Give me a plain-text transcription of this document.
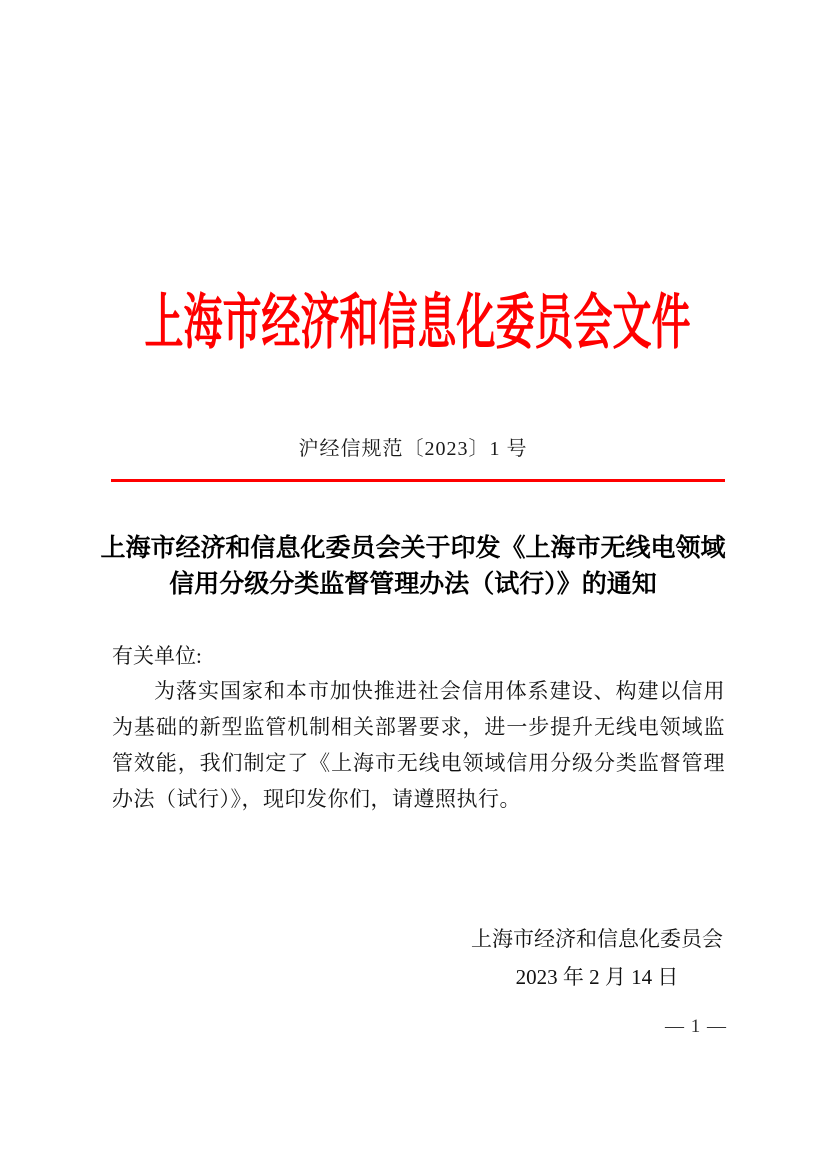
上海市经济和信息化委员会文件
沪经信规范〔2023〕1 号
上海市经济和信息化委员会关于印发《上海市无线电领域
信用分级分类监督管理办法（试行）》的通知
有关单位:
为落实国家和本市加快推进社会信用体系建设、构建以信用为基础的新型监管机制相关部署要求，进一步提升无线电领域监管效能，我们制定了《上海市无线电领域信用分级分类监督管理办法（试行）》，现印发你们，请遵照执行。
上海市经济和信息化委员会
2023 年 2 月 14 日
— 1 —
